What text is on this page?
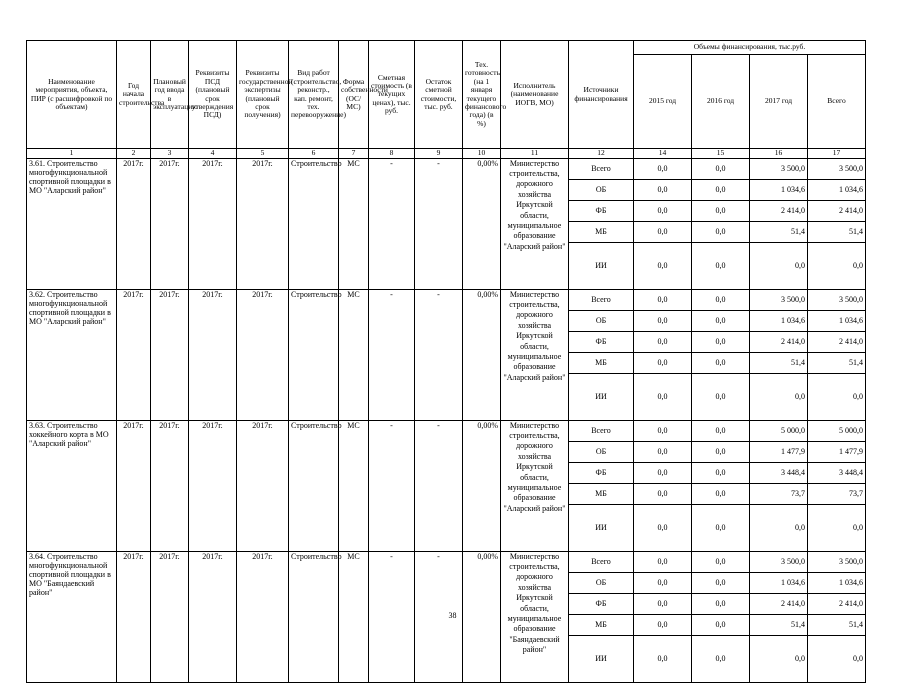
Наименование мероприятия, объекта, ПИР (с расшифровкой по объектам)	Год начала строительства	Плановый год ввода в эксплуатацию	Реквизиты ПСД (плановый срок утверждения ПСД)	Реквизиты государственной экспертизы (плановый срок получения)	Вид работ (строительство, реконстр., кап. ремонт, тех. перевооружение)	Форма собственности (ОС/МС)	Сметная стоимость (в текущих ценах), тыс. руб.	Остаток сметной стоимости, тыс. руб.	Тех. готовность (на 1 января текущего финансового года) (в %)	Исполнитель (наименование ИОГВ, МО)	Источники финансирования	Объемы финансирования, тыс.руб.			
												2015 год	2016 год	2017 год	Всего
1	2	3	4	5	6	7	8	9	10	11	12	14	15	16	17
3.61. Строительство многофункциональной спортивной площадки в МО "Аларский район"	2017г.	2017г.	2017г.	2017г.	Строительство	МС	-	-	0,00%	Министерство строительства, дорожного хозяйства Иркутской области, муниципальное образование "Аларский район"	Всего	0,0	0,0	3 500,0	3 500,0
											ОБ	0,0	0,0	1 034,6	1 034,6
											ФБ	0,0	0,0	2 414,0	2 414,0
											МБ	0,0	0,0	51,4	51,4
											ИИ	0,0	0,0	0,0	0,0
3.62. Строительство многофункциональной спортивной площадки в МО "Аларский район"	2017г.	2017г.	2017г.	2017г.	Строительство	МС	-	-	0,00%	Министерство строительства, дорожного хозяйства Иркутской области, муниципальное образование "Аларский район"	Всего	0,0	0,0	3 500,0	3 500,0
											ОБ	0,0	0,0	1 034,6	1 034,6
											ФБ	0,0	0,0	2 414,0	2 414,0
											МБ	0,0	0,0	51,4	51,4
											ИИ	0,0	0,0	0,0	0,0
3.63. Строительство хоккейного корта в МО "Аларский район"	2017г.	2017г.	2017г.	2017г.	Строительство	МС	-	-	0,00%	Министерство строительства, дорожного хозяйства Иркутской области, муниципальное образование "Аларский район"	Всего	0,0	0,0	5 000,0	5 000,0
											ОБ	0,0	0,0	1 477,9	1 477,9
											ФБ	0,0	0,0	3 448,4	3 448,4
											МБ	0,0	0,0	73,7	73,7
											ИИ	0,0	0,0	0,0	0,0
3.64. Строительство многофункциональной спортивной площадки в МО "Баяндаевский район"	2017г.	2017г.	2017г.	2017г.	Строительство	МС	-	-	0,00%	Министерство строительства, дорожного хозяйства Иркутской области, муниципальное образование "Баяндаевский район"	Всего	0,0	0,0	3 500,0	3 500,0
											ОБ	0,0	0,0	1 034,6	1 034,6
											ФБ	0,0	0,0	2 414,0	2 414,0
											МБ	0,0	0,0	51,4	51,4
											ИИ	0,0	0,0	0,0	0,0
38
